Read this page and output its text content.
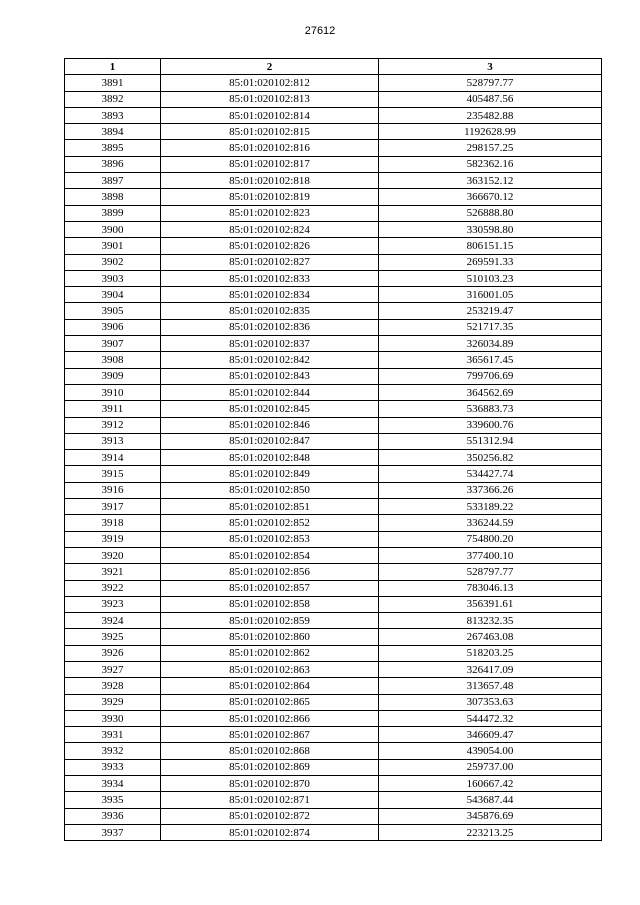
27612
1	2	3
3891	85:01:020102:812	528797.77
3892	85:01:020102:813	405487.56
3893	85:01:020102:814	235482.88
3894	85:01:020102:815	1192628.99
3895	85:01:020102:816	298157.25
3896	85:01:020102:817	582362.16
3897	85:01:020102:818	363152.12
3898	85:01:020102:819	366670.12
3899	85:01:020102:823	526888.80
3900	85:01:020102:824	330598.80
3901	85:01:020102:826	806151.15
3902	85:01:020102:827	269591.33
3903	85:01:020102:833	510103.23
3904	85:01:020102:834	316001.05
3905	85:01:020102:835	253219.47
3906	85:01:020102:836	521717.35
3907	85:01:020102:837	326034.89
3908	85:01:020102:842	365617.45
3909	85:01:020102:843	799706.69
3910	85:01:020102:844	364562.69
3911	85:01:020102:845	536883.73
3912	85:01:020102:846	339600.76
3913	85:01:020102:847	551312.94
3914	85:01:020102:848	350256.82
3915	85:01:020102:849	534427.74
3916	85:01:020102:850	337366.26
3917	85:01:020102:851	533189.22
3918	85:01:020102:852	336244.59
3919	85:01:020102:853	754800.20
3920	85:01:020102:854	377400.10
3921	85:01:020102:856	528797.77
3922	85:01:020102:857	783046.13
3923	85:01:020102:858	356391.61
3924	85:01:020102:859	813232.35
3925	85:01:020102:860	267463.08
3926	85:01:020102:862	518203.25
3927	85:01:020102:863	326417.09
3928	85:01:020102:864	313657.48
3929	85:01:020102:865	307353.63
3930	85:01:020102:866	544472.32
3931	85:01:020102:867	346609.47
3932	85:01:020102:868	439054.00
3933	85:01:020102:869	259737.00
3934	85:01:020102:870	160667.42
3935	85:01:020102:871	543687.44
3936	85:01:020102:872	345876.69
3937	85:01:020102:874	223213.25
